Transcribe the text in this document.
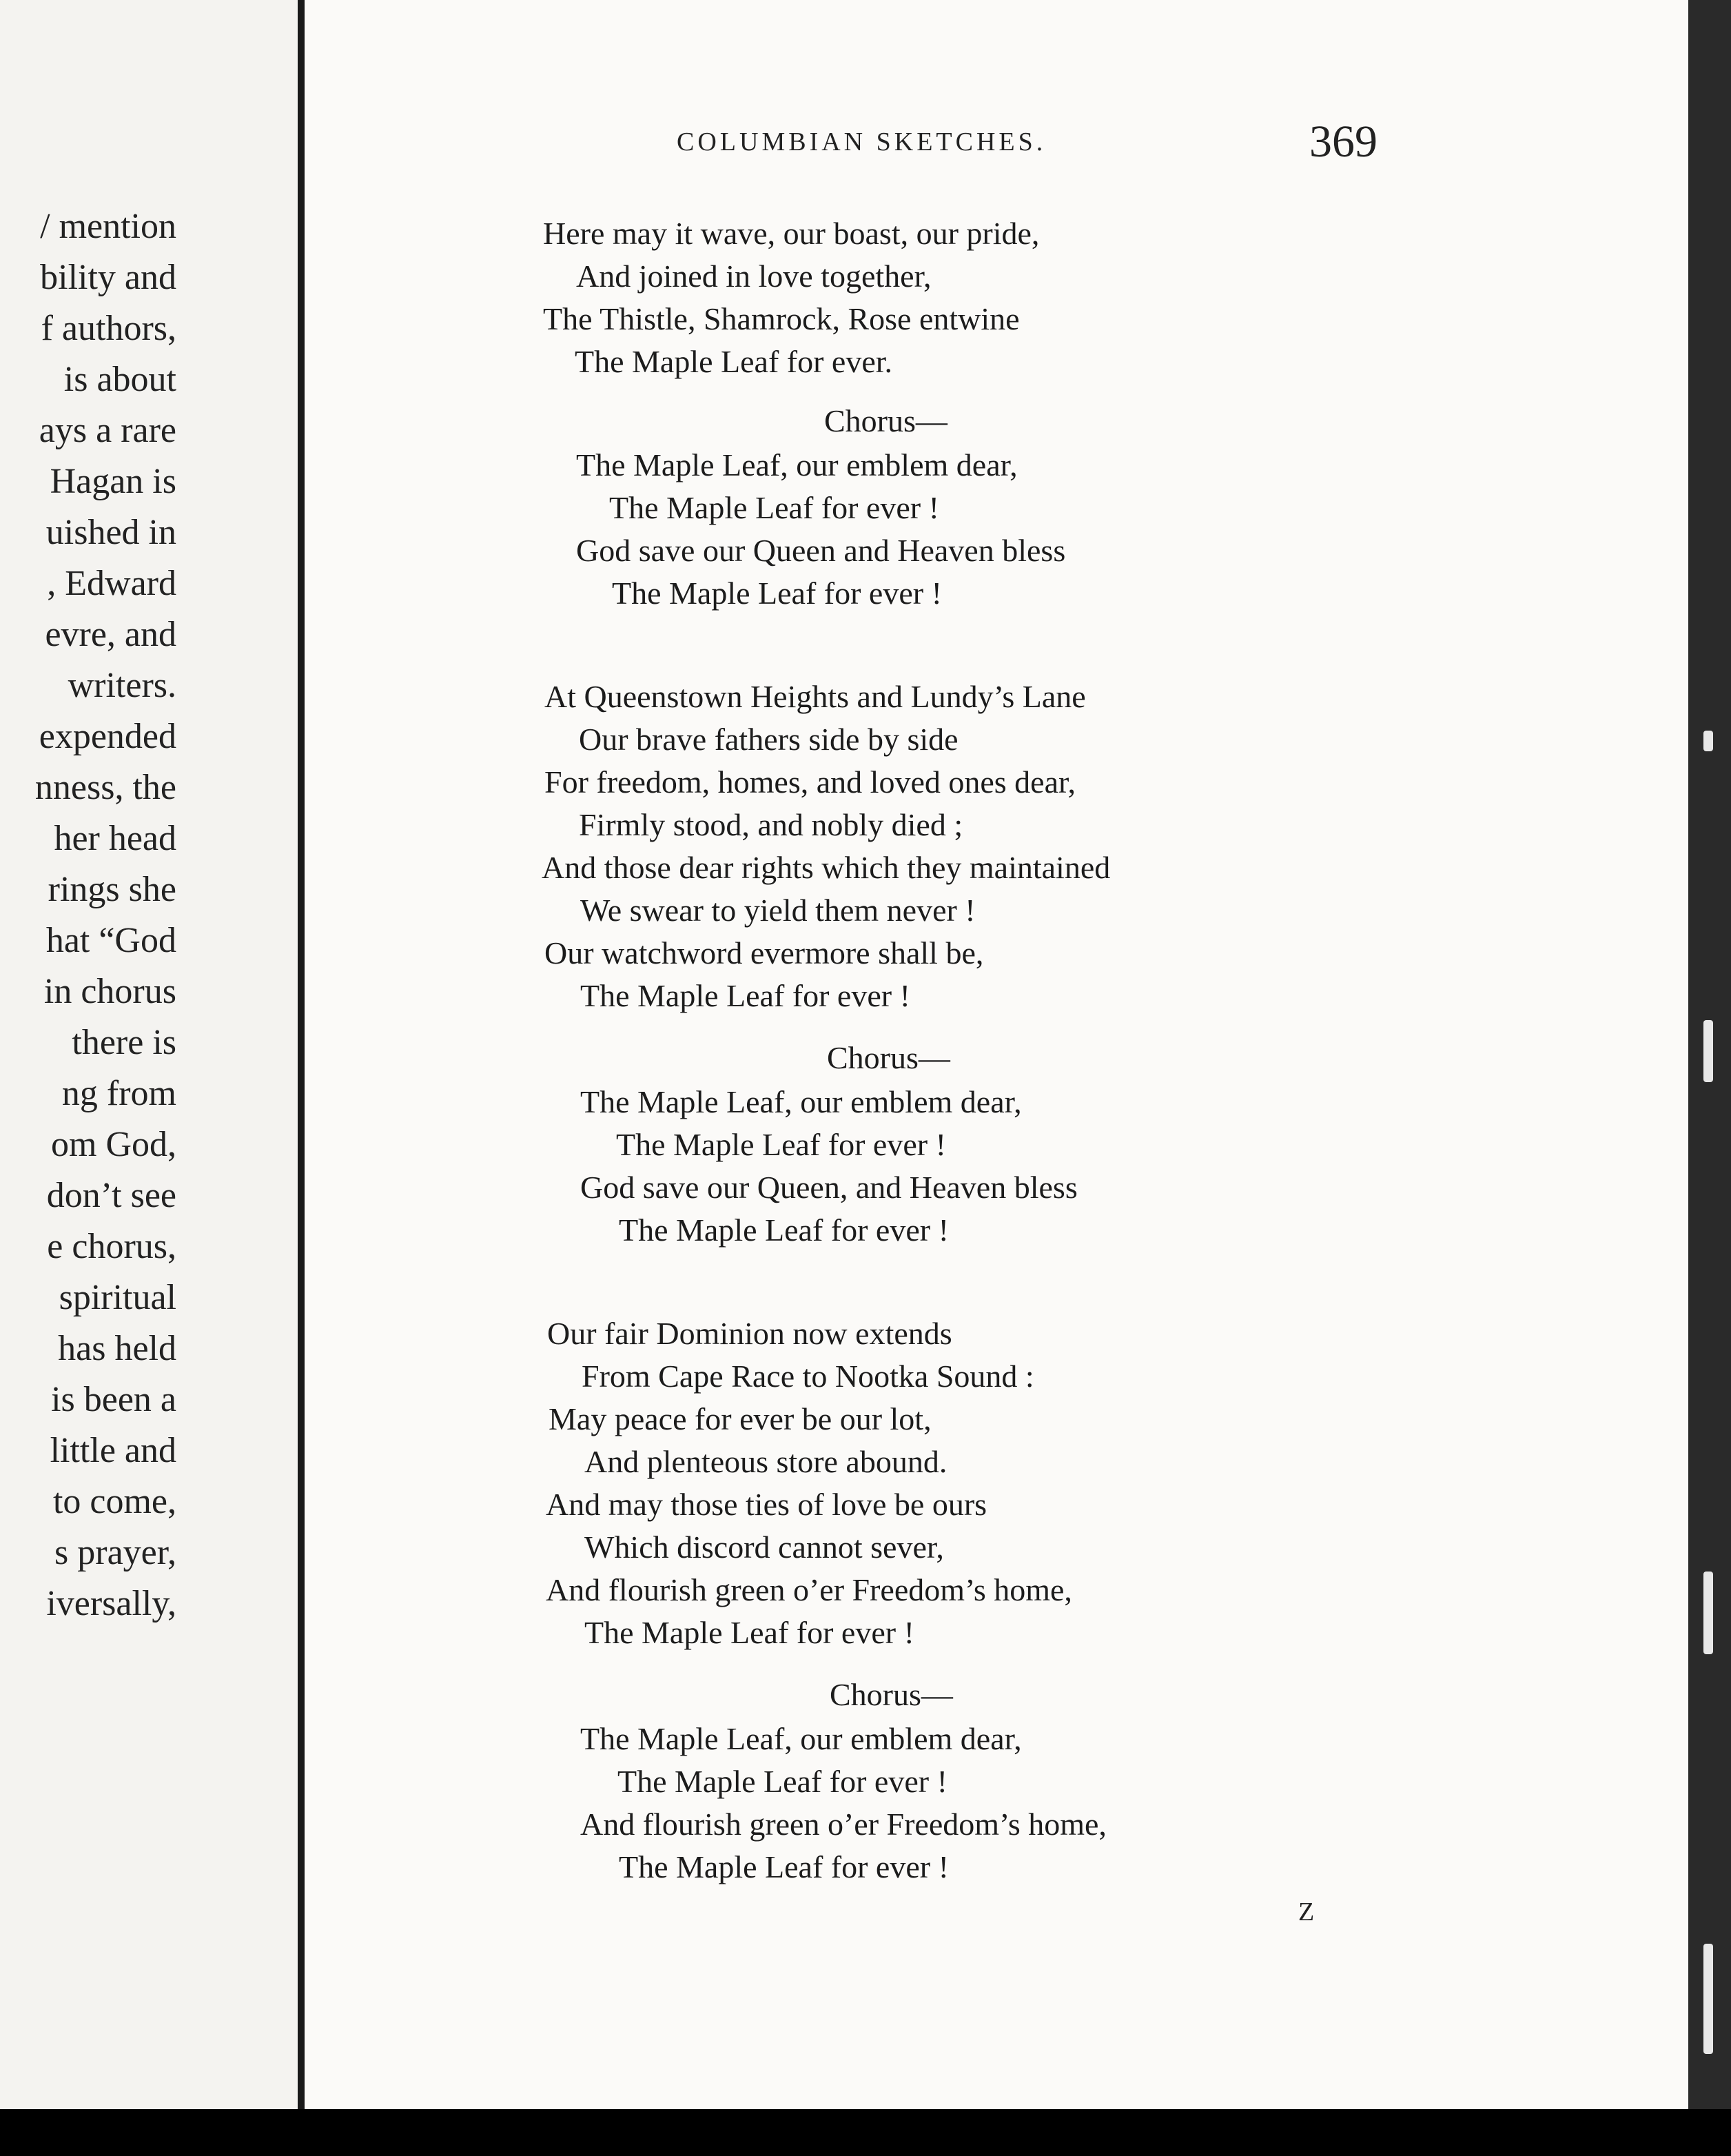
/ mention
bility and
f authors,
is about
ays a rare
Hagan is
uished in
, Edward
evre, and
writers.
expended
nness, the
her head
rings she
hat “God
in chorus
there is
ng from
om God,
don’t see
e chorus,
spiritual
has held
is been a
little and
to come,
s prayer,
iversally,
COLUMBIAN SKETCHES.	369
Here may it wave, our boast, our pride,
And joined in love together,
The Thistle, Shamrock, Rose entwine
The Maple Leaf for ever.
Chorus—
The Maple Leaf, our emblem dear,
The Maple Leaf for ever !
God save our Queen and Heaven bless
The Maple Leaf for ever !
At Queenstown Heights and Lundy’s Lane
Our brave fathers side by side
For freedom, homes, and loved ones dear,
Firmly stood, and nobly died ;
And those dear rights which they maintained
We swear to yield them never !
Our watchword evermore shall be,
The Maple Leaf for ever !
Chorus—
The Maple Leaf, our emblem dear,
The Maple Leaf for ever !
God save our Queen, and Heaven bless
The Maple Leaf for ever !
Our fair Dominion now extends
From Cape Race to Nootka Sound :
May peace for ever be our lot,
And plenteous store abound.
And may those ties of love be ours
Which discord cannot sever,
And flourish green o’er Freedom’s home,
The Maple Leaf for ever !
Chorus—
The Maple Leaf, our emblem dear,
The Maple Leaf for ever !
And flourish green o’er Freedom’s home,
The Maple Leaf for ever !
Z
